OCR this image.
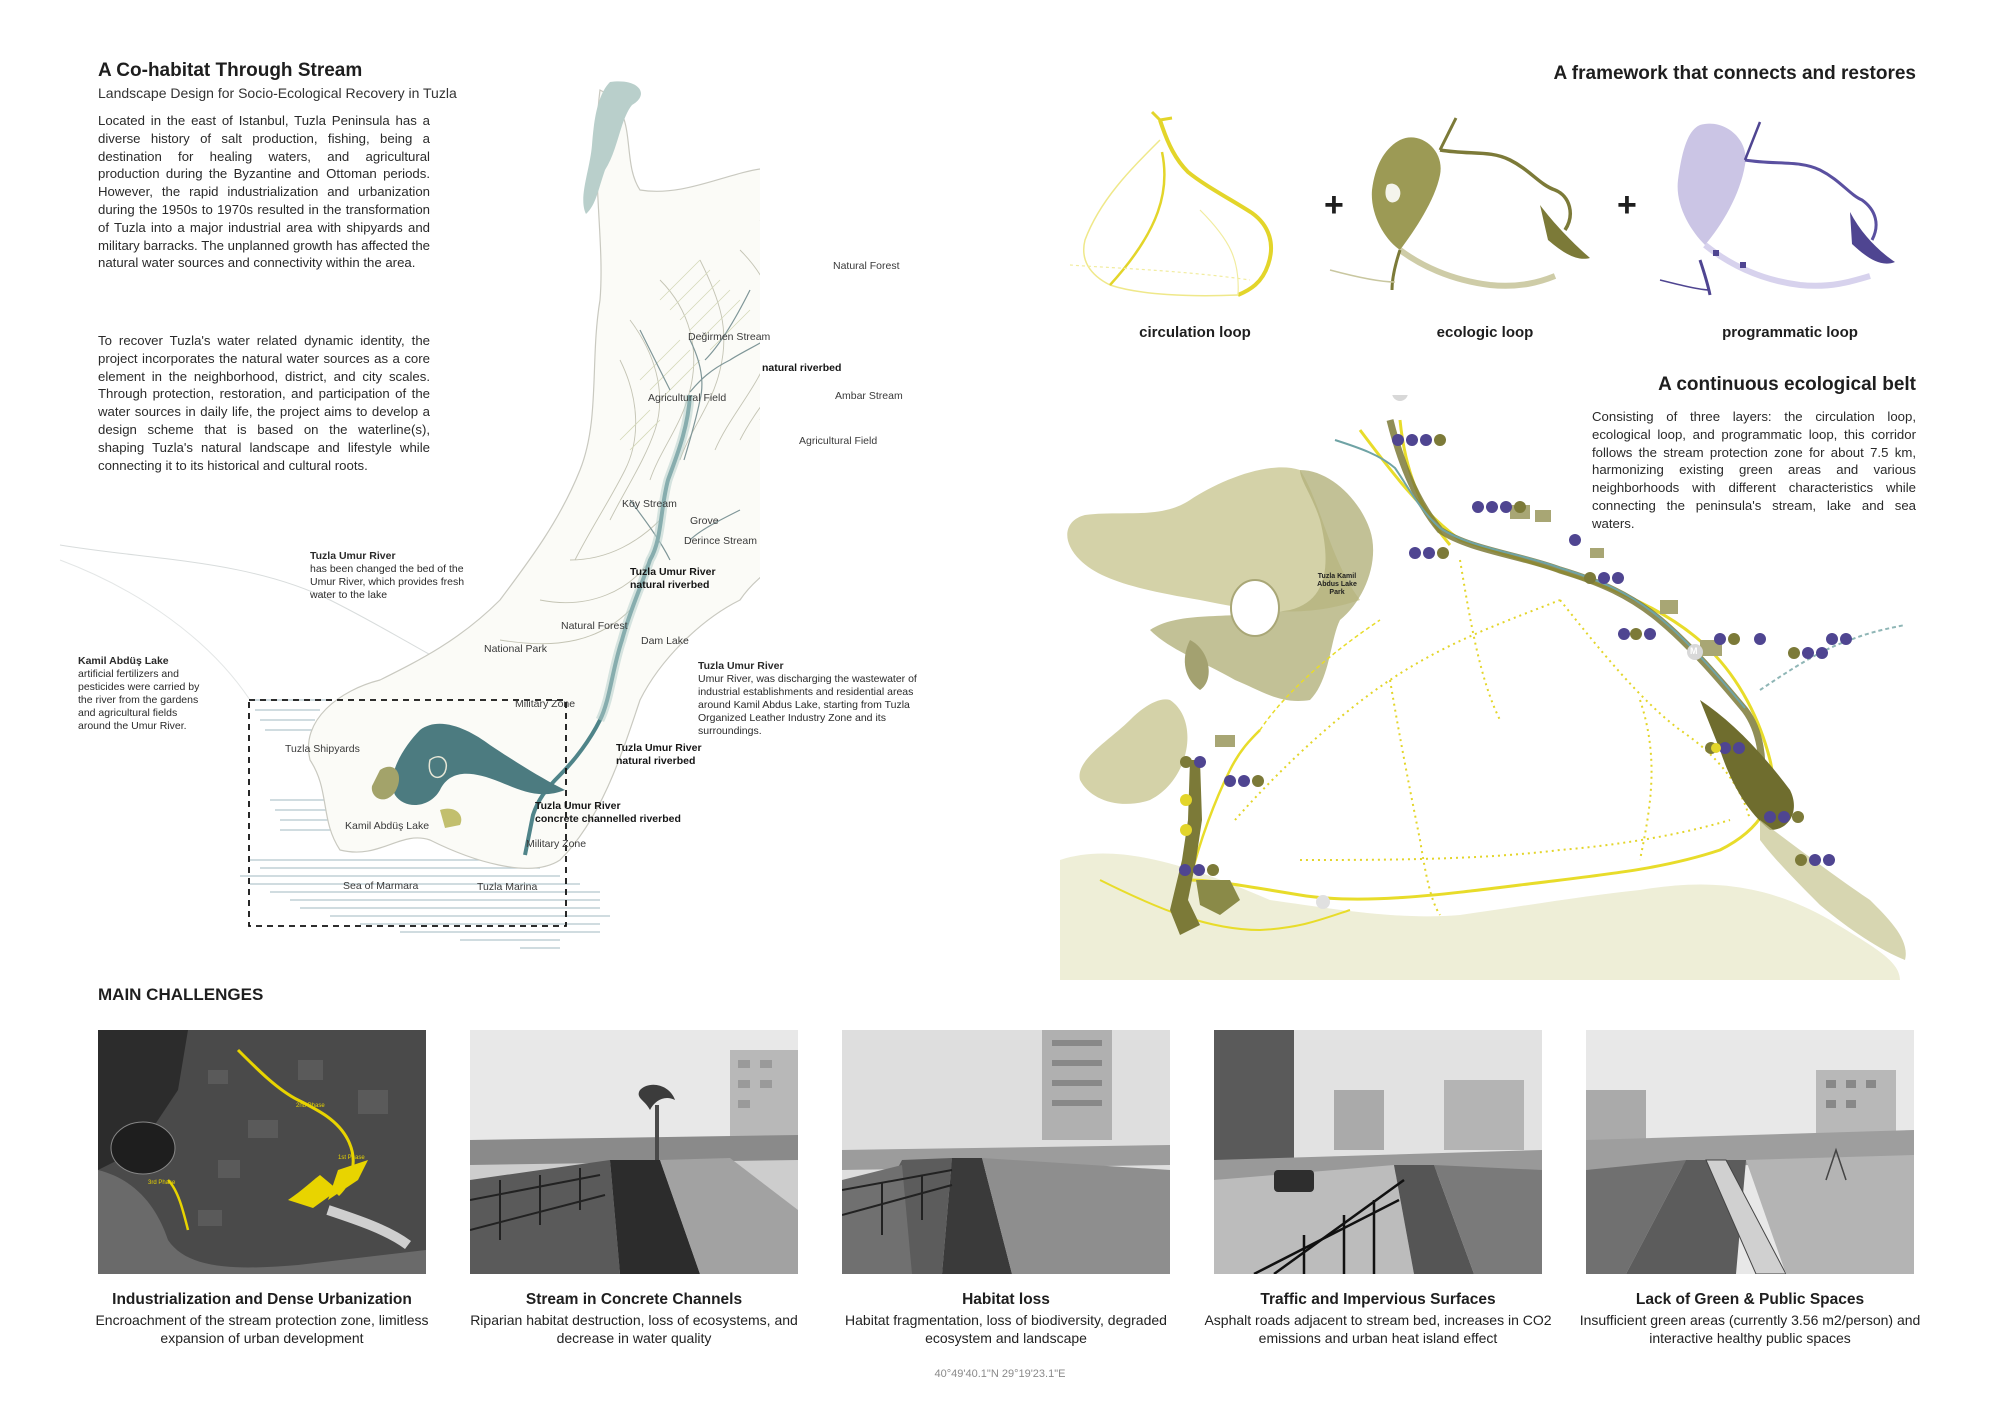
A Co-habitat Through Stream
Landscape Design for Socio-Ecological Recovery in Tuzla
Located in the east of Istanbul, Tuzla Peninsula has a diverse history of salt production, fishing, being a destination for healing waters, and agricultural production during the Byzantine and Ottoman periods. However, the rapid industrialization and urbanization during the 1950s to 1970s resulted in the transformation of Tuzla into a major industrial area with shipyards and military barracks. The unplanned growth has affected the natural water sources and connectivity within the area.
To recover Tuzla's water related dynamic identity, the project incorporates the natural water sources as a core element in the neighborhood, district, and city scales. Through protection, restoration, and participation of the water sources in daily life, the project aims to develop a design scheme that is based on the waterline(s), shaping Tuzla's natural landscape and lifestyle while connecting it to its historical and cultural roots.
Natural Forest
Değirmen Stream
natural riverbed
Agricultural Field	Ambar Stream
Agricultural Field
Köy Stream
Grove
Derince Stream
Tuzla Umur River
natural riverbed
Natural Forest
Dam Lake
National Park
Military Zone
Tuzla Umur River
natural riverbed
Tuzla Shipyards
Kamil Abdüş Lake
Tuzla Umur River
concrete channelled riverbed
Military Zone
Sea of Marmara	Tuzla Marina
Tuzla Umur River
has been changed the bed of the Umur River, which provides fresh water to the lake
Kamil Abdüş Lake
artificial fertilizers and pesticides were carried by the river from the gardens and agricultural fields around the Umur River.
Tuzla Umur River
Umur River, was discharging the wastewater of industrial establishments and residential areas around Kamil Abdus Lake, starting from Tuzla Organized Leather Industry Zone and its surroundings.
A framework that connects and restores
+	+
circulation loop	ecologic loop	programmatic loop
A continuous ecological belt
Consisting of three layers: the circulation loop, ecological loop, and programmatic loop, this corridor follows the stream protection zone for about 7.5 km, harmonizing existing green areas and various neighborhoods with different characteristics while connecting the peninsula's stream, lake and sea waters.
Tuzla Kamil Abdus Lake Park
M
M
MAIN CHALLENGES
2nd Phase
3rd Phase
1st Phase
Industrialization and Dense Urbanization
Encroachment of the stream protection zone, limitless expansion of urban development
Stream in Concrete Channels
Riparian habitat destruction, loss of ecosystems, and decrease in water quality
Habitat loss
Habitat fragmentation, loss of biodiversity, degraded ecosystem and landscape
Traffic and Impervious Surfaces
Asphalt roads adjacent to stream bed, increases in CO2 emissions and urban heat island effect
Lack of Green & Public Spaces
Insufficient green areas (currently 3.56 m2/person) and interactive healthy public spaces
40°49'40.1"N 29°19'23.1"E
